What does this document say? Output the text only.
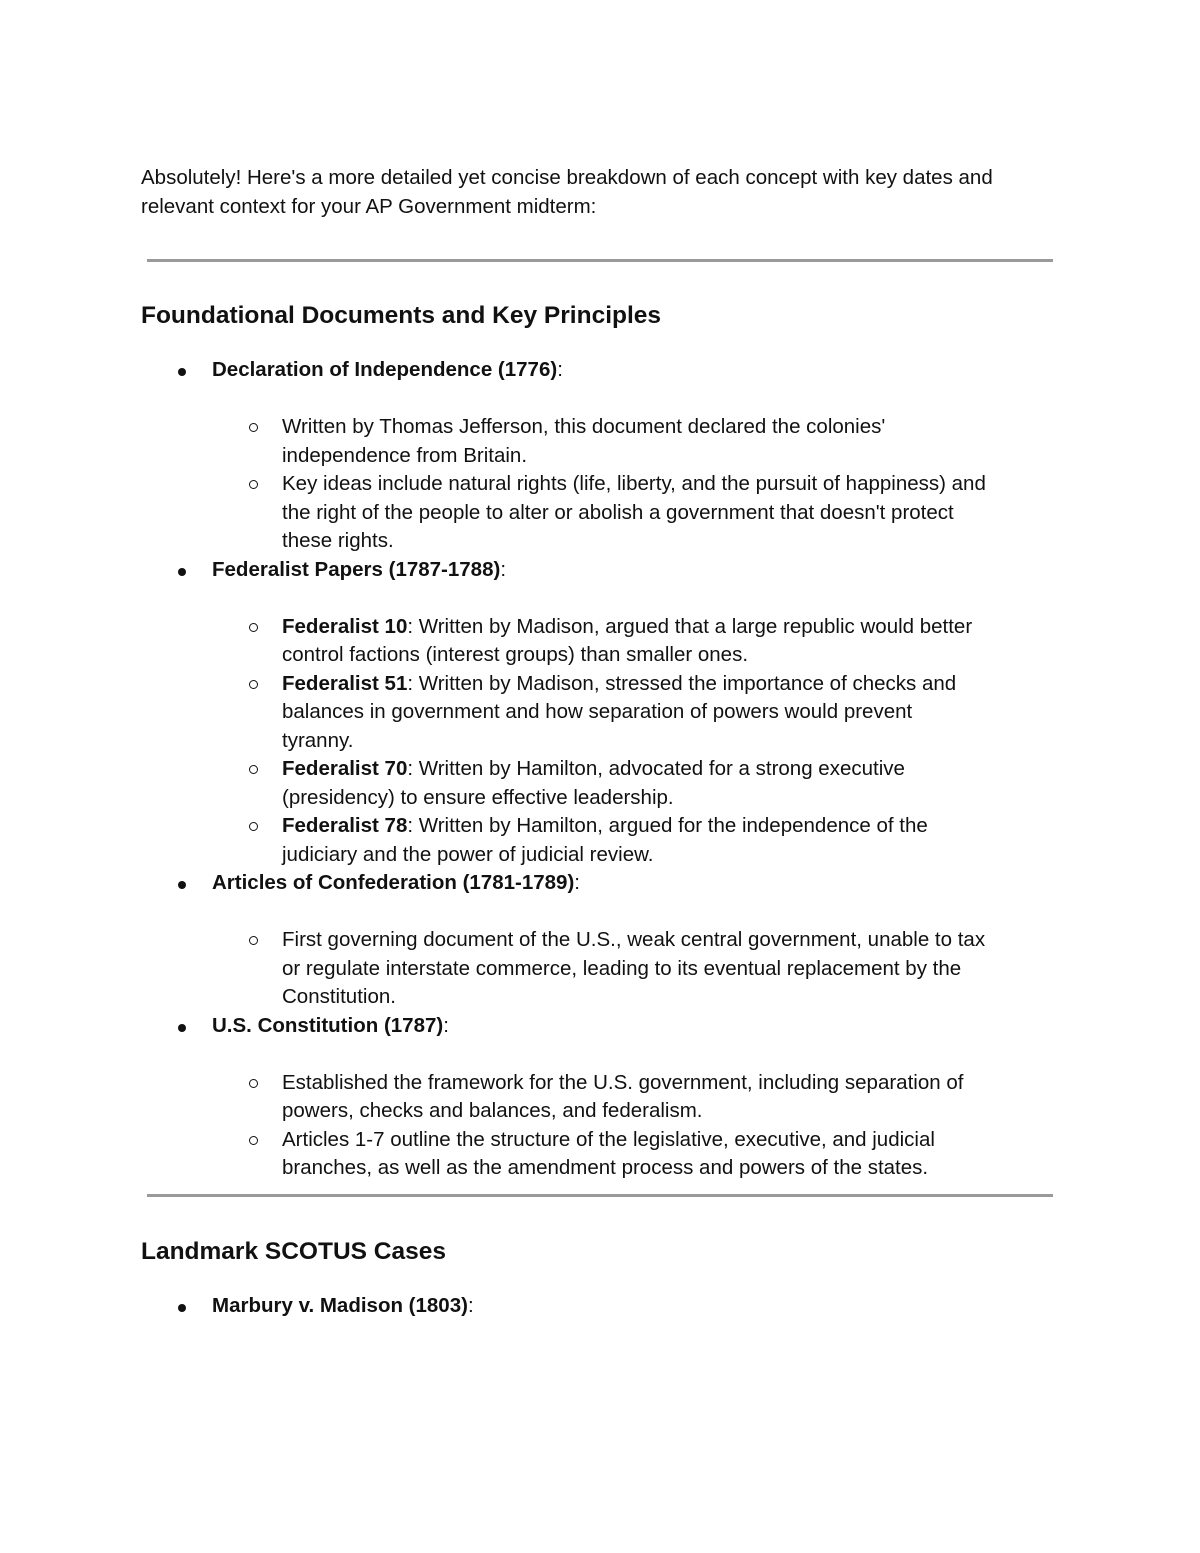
Absolutely! Here's a more detailed yet concise breakdown of each concept with key dates and relevant context for your AP Government midterm:

Foundational Documents and Key Principles
Declaration of Independence (1776):
Written by Thomas Jefferson, this document declared the colonies' independence from Britain.
Key ideas include natural rights (life, liberty, and the pursuit of happiness) and the right of the people to alter or abolish a government that doesn't protect these rights.
Federalist Papers (1787-1788):
Federalist 10: Written by Madison, argued that a large republic would better control factions (interest groups) than smaller ones.
Federalist 51: Written by Madison, stressed the importance of checks and balances in government and how separation of powers would prevent tyranny.
Federalist 70: Written by Hamilton, advocated for a strong executive (presidency) to ensure effective leadership.
Federalist 78: Written by Hamilton, argued for the independence of the judiciary and the power of judicial review.
Articles of Confederation (1781-1789):
First governing document of the U.S., weak central government, unable to tax or regulate interstate commerce, leading to its eventual replacement by the Constitution.
U.S. Constitution (1787):
Established the framework for the U.S. government, including separation of powers, checks and balances, and federalism.
Articles 1-7 outline the structure of the legislative, executive, and judicial branches, as well as the amendment process and powers of the states.
Landmark SCOTUS Cases
Marbury v. Madison (1803):
